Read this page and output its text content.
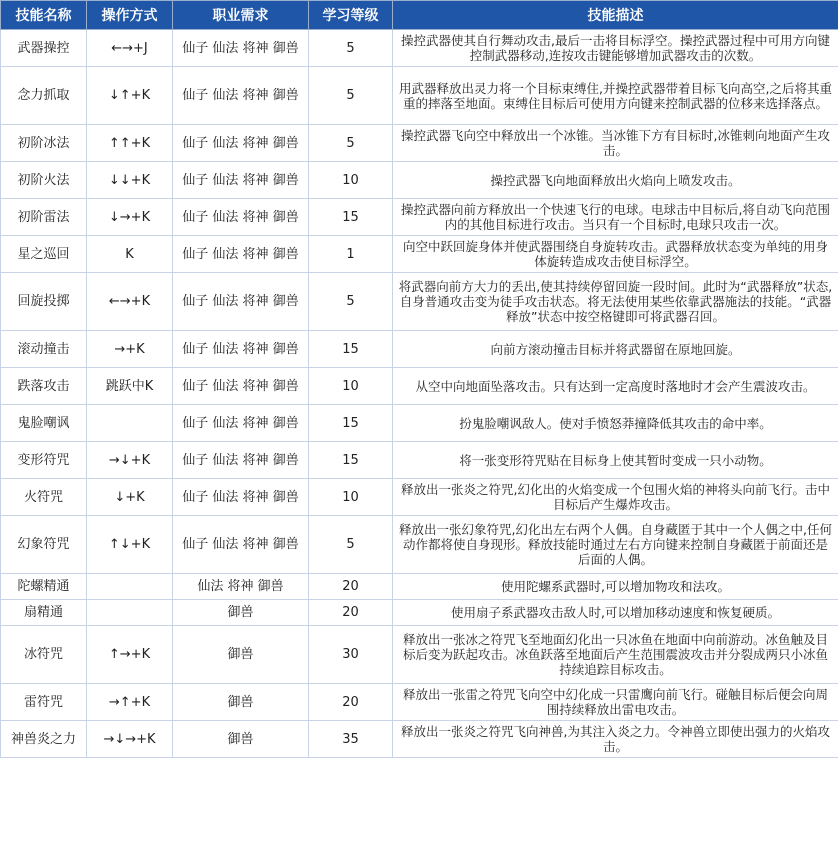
技能名称	操作方式	职业需求	学习等级	技能描述
武器操控	←→+J	仙子 仙法 将神 御兽	5	操控武器使其自行舞动攻击,最后一击将目标浮空。操控武器过程中可用方向键控制武器移动,连按攻击键能够增加武器攻击的次数。
念力抓取	↓↑+K	仙子 仙法 将神 御兽	5	用武器释放出灵力将一个目标束缚住,并操控武器带着目标飞向高空,之后将其重重的摔落至地面。束缚住目标后可使用方向键来控制武器的位移来选择落点。
初阶冰法	↑↑+K	仙子 仙法 将神 御兽	5	操控武器飞向空中释放出一个冰锥。当冰锥下方有目标时,冰锥刺向地面产生攻击。
初阶火法	↓↓+K	仙子 仙法 将神 御兽	10	操控武器飞向地面释放出火焰向上喷发攻击。
初阶雷法	↓→+K	仙子 仙法 将神 御兽	15	操控武器向前方释放出一个快速飞行的电球。电球击中目标后,将自动飞向范围内的其他目标进行攻击。当只有一个目标时,电球只攻击一次。
星之巡回	K	仙子 仙法 将神 御兽	1	向空中跃回旋身体并使武器围绕自身旋转攻击。武器释放状态变为单纯的用身体旋转造成攻击使目标浮空。
回旋投掷	←→+K	仙子 仙法 将神 御兽	5	将武器向前方大力的丢出,使其持续停留回旋一段时间。此时为“武器释放”状态,自身普通攻击变为徒手攻击状态。将无法使用某些依靠武器施法的技能。“武器释放”状态中按空格键即可将武器召回。
滚动撞击	→+K	仙子 仙法 将神 御兽	15	向前方滚动撞击目标并将武器留在原地回旋。
跌落攻击	跳跃中K	仙子 仙法 将神 御兽	10	从空中向地面坠落攻击。只有达到一定高度时落地时才会产生震波攻击。
鬼脸嘲讽		仙子 仙法 将神 御兽	15	扮鬼脸嘲讽敌人。使对手愤怒莽撞降低其攻击的命中率。
变形符咒	→↓+K	仙子 仙法 将神 御兽	15	将一张变形符咒贴在目标身上使其暂时变成一只小动物。
火符咒	↓+K	仙子 仙法 将神 御兽	10	释放出一张炎之符咒,幻化出的火焰变成一个包围火焰的神将头向前飞行。击中目标后产生爆炸攻击。
幻象符咒	↑↓+K	仙子 仙法 将神 御兽	5	释放出一张幻象符咒,幻化出左右两个人偶。自身藏匿于其中一个人偶之中,任何动作都将使自身现形。释放技能时通过左右方向键来控制自身藏匿于前面还是后面的人偶。
陀螺精通		仙法 将神 御兽	20	使用陀螺系武器时,可以增加物攻和法攻。
扇精通		御兽	20	使用扇子系武器攻击敌人时,可以增加移动速度和恢复硬质。
冰符咒	↑→+K	御兽	30	释放出一张冰之符咒飞至地面幻化出一只冰鱼在地面中向前游动。冰鱼触及目标后变为跃起攻击。冰鱼跃落至地面后产生范围震波攻击并分裂成两只小冰鱼持续追踪目标攻击。
雷符咒	→↑+K	御兽	20	释放出一张雷之符咒飞向空中幻化成一只雷鹰向前飞行。碰触目标后便会向周围持续释放出雷电攻击。
神兽炎之力	→↓→+K	御兽	35	释放出一张炎之符咒飞向神兽,为其注入炎之力。令神兽立即使出强力的火焰攻击。
